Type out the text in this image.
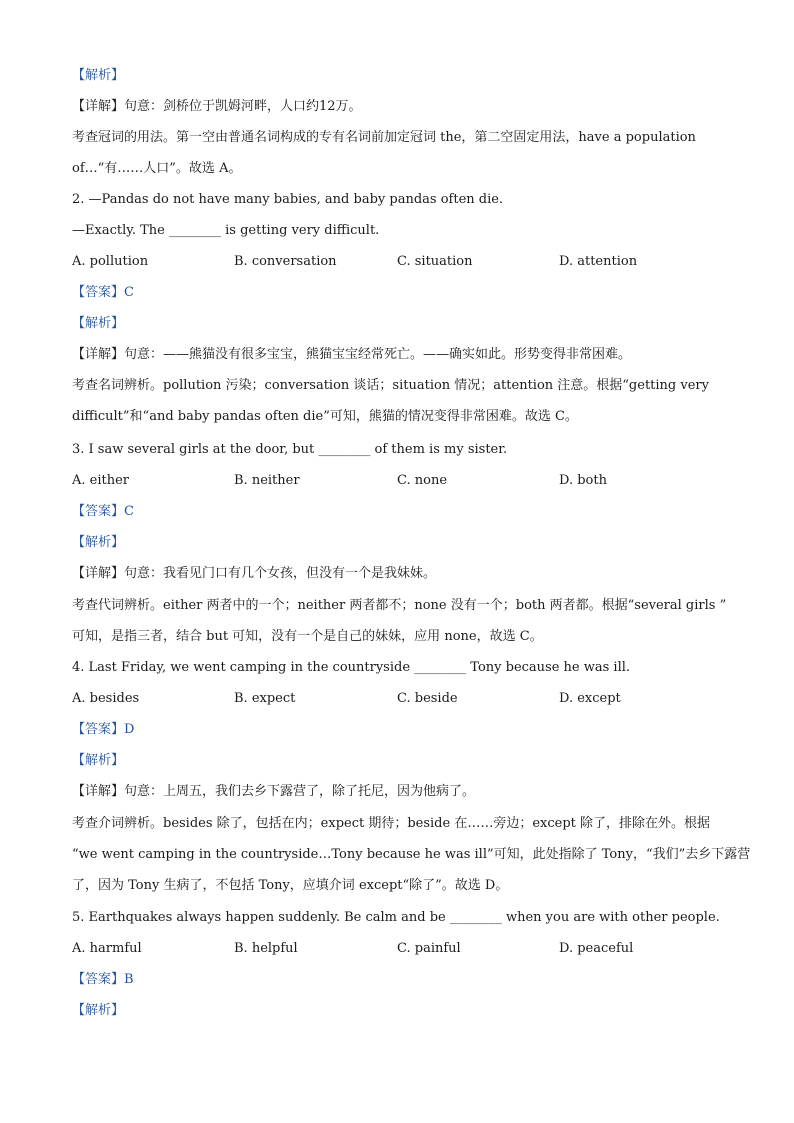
【解析】
【详解】句意：剑桥位于凯姆河畔，人口约12万。
考查冠词的用法。第一空由普通名词构成的专有名词前加定冠词 the，第二空固定用法，have a population
of…“有……人口”。故选 A。
2. —Pandas do not have many babies, and baby pandas often die.
—Exactly. The ________ is getting very difficult.
A. pollution	B. conversation	C. situation	D. attention
【答案】C
【解析】
【详解】句意：——熊猫没有很多宝宝，熊猫宝宝经常死亡。——确实如此。形势变得非常困难。
考查名词辨析。pollution 污染；conversation 谈话；situation 情况；attention 注意。根据“getting very
difficult”和“and baby pandas often die”可知，熊猫的情况变得非常困难。故选 C。
3. I saw several girls at the door, but ________ of them is my sister.
A. either	B. neither	C. none	D. both
【答案】C
【解析】
【详解】句意：我看见门口有几个女孩，但没有一个是我妹妹。
考查代词辨析。either 两者中的一个；neither 两者都不；none 没有一个；both 两者都。根据“several girls ”
可知，是指三者，结合 but 可知，没有一个是自己的妹妹，应用 none，故选 C。
4. Last Friday, we went camping in the countryside ________ Tony because he was ill.
A. besides	B. expect	C. beside	D. except
【答案】D
【解析】
【详解】句意：上周五，我们去乡下露营了，除了托尼，因为他病了。
考查介词辨析。besides 除了，包括在内；expect 期待；beside 在……旁边；except 除了，排除在外。根据
“we went camping in the countryside…Tony because he was ill”可知，此处指除了 Tony，“我们”去乡下露营
了，因为 Tony 生病了，不包括 Tony，应填介词 except“除了”。故选 D。
5. Earthquakes always happen suddenly. Be calm and be ________ when you are with other people.
A. harmful	B. helpful	C. painful	D. peaceful
【答案】B
【解析】
